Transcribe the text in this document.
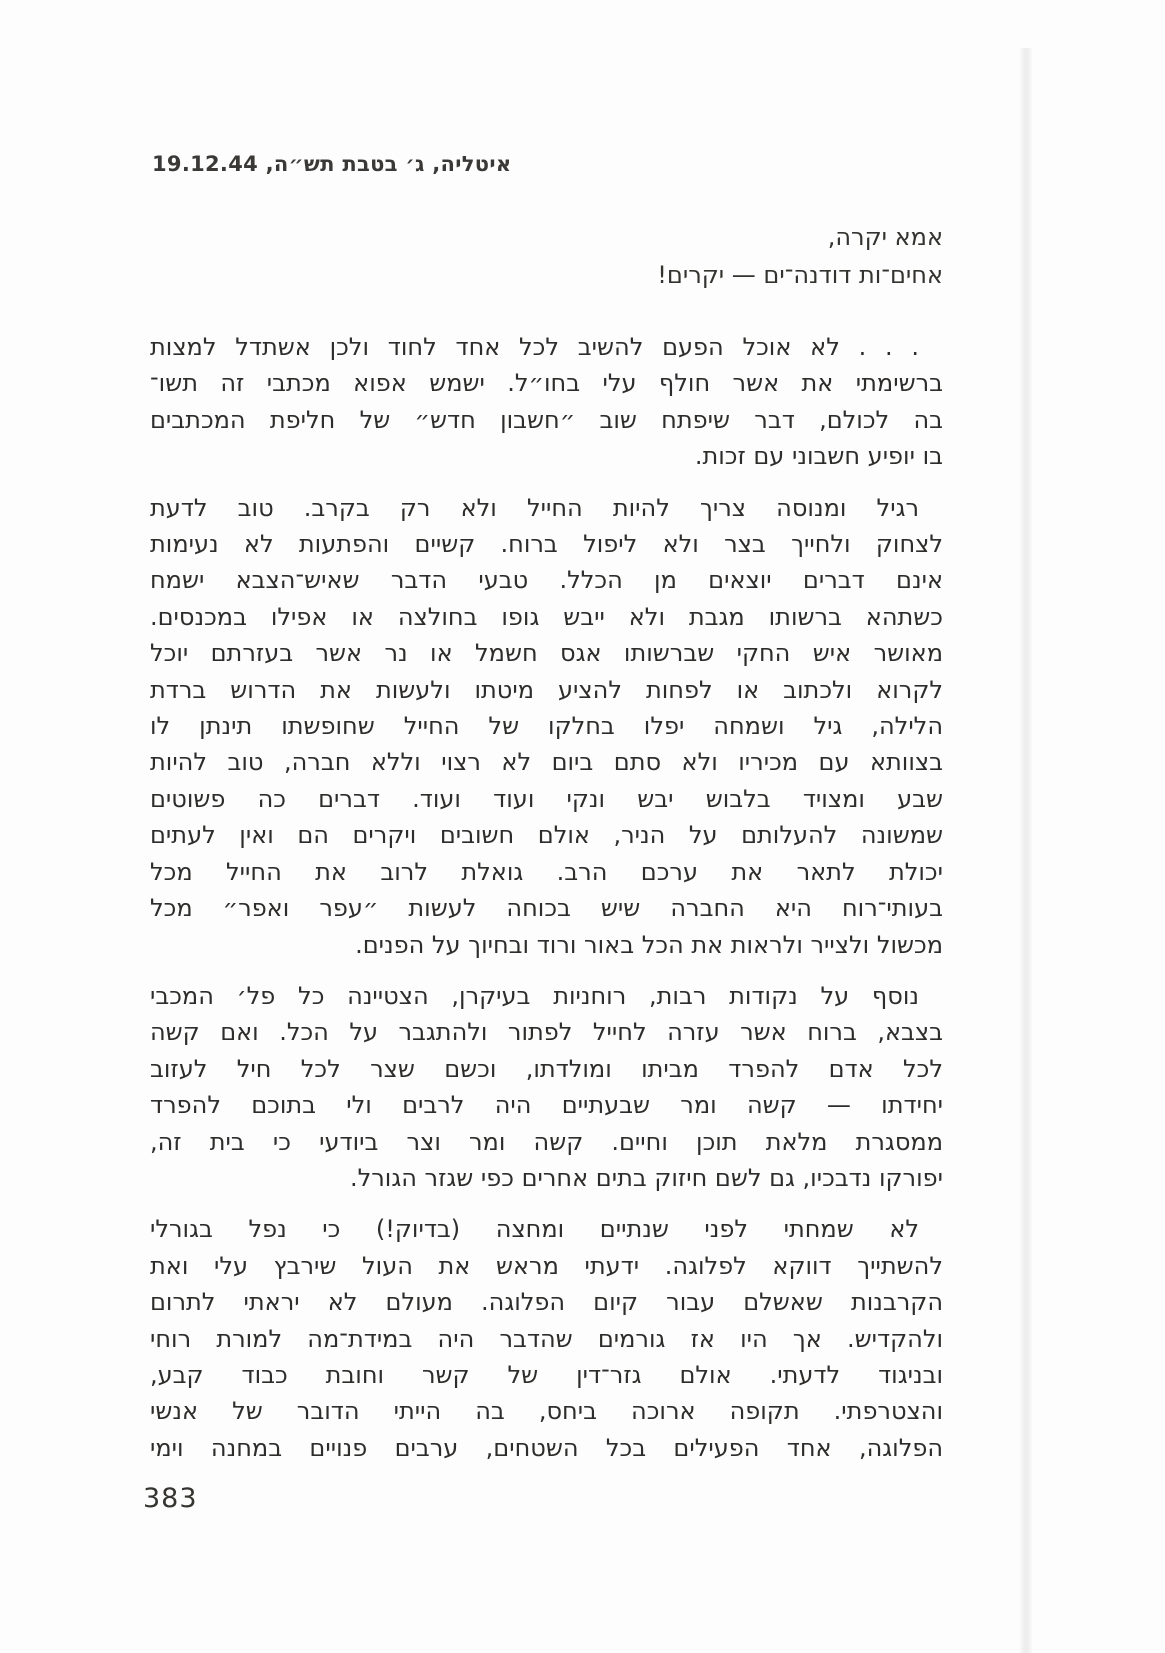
איטליה, ג׳ בטבת תש״ה, 19.12.44
אמא יקרה,
אחים־ות דודנה־ים — יקרים!
. . . לא אוכל הפעם להשיב לכל אחד לחוד ולכן אשתדל למצות
ברשימתי את אשר חולף עלי בחו״ל. ישמש אפוא מכתבי זה תשו־
בה לכולם, דבר שיפתח שוב ״חשבון חדש״ של חליפת המכתבים
בו יופיע חשבוני עם זכות.
רגיל ומנוסה צריך להיות החייל ולא רק בקרב. טוב לדעת
לצחוק ולחייך בצר ולא ליפול ברוח. קשיים והפתעות לא נעימות
אינם דברים יוצאים מן הכלל. טבעי הדבר שאיש־הצבא ישמח
כשתהא ברשותו מגבת ולא ייבש גופו בחולצה או אפילו במכנסים.
מאושר איש החקי שברשותו אגס חשמל או נר אשר בעזרתם יוכל
לקרוא ולכתוב או לפחות להציע מיטתו ולעשות את הדרוש ברדת
הלילה, גיל ושמחה יפלו בחלקו של החייל שחופשתו תינתן לו
בצוותא עם מכיריו ולא סתם ביום לא רצוי וללא חברה, טוב להיות
שבע ומצויד בלבוש יבש ונקי ועוד ועוד. דברים כה פשוטים
שמשונה להעלותם על הניר, אולם חשובים ויקרים הם ואין לעתים
יכולת לתאר את ערכם הרב. גואלת לרוב את החייל מכל
בעותי־רוח היא החברה שיש בכוחה לעשות ״עפר ואפר״ מכל
מכשול ולצייר ולראות את הכל באור ורוד ובחיוך על הפנים.
נוסף על נקודות רבות, רוחניות בעיקרן, הצטיינה כל פל׳ המכבי
בצבא, ברוח אשר עזרה לחייל לפתור ולהתגבר על הכל. ואם קשה
לכל אדם להפרד מביתו ומולדתו, וכשם שצר לכל חיל לעזוב
יחידתו — קשה ומר שבעתיים היה לרבים ולי בתוכם להפרד
ממסגרת מלאת תוכן וחיים. קשה ומר וצר ביודעי כי בית זה,
יפורקו נדבכיו, גם לשם חיזוק בתים אחרים כפי שגזר הגורל.
לא שמחתי לפני שנתיים ומחצה (בדיוק!) כי נפל בגורלי
להשתייך דווקא לפלוגה. ידעתי מראש את העול שירבץ עלי ואת
הקרבנות שאשלם עבור קיום הפלוגה. מעולם לא יראתי לתרום
ולהקדיש. אך היו אז גורמים שהדבר היה במידת־מה למורת רוחי
ובניגוד לדעתי. אולם גזר־דין של קשר וחובת כבוד קבע,
והצטרפתי. תקופה ארוכה ביחס, בה הייתי הדובר של אנשי
הפלוגה, אחד הפעילים בכל השטחים, ערבים פנויים במחנה וימי
383
